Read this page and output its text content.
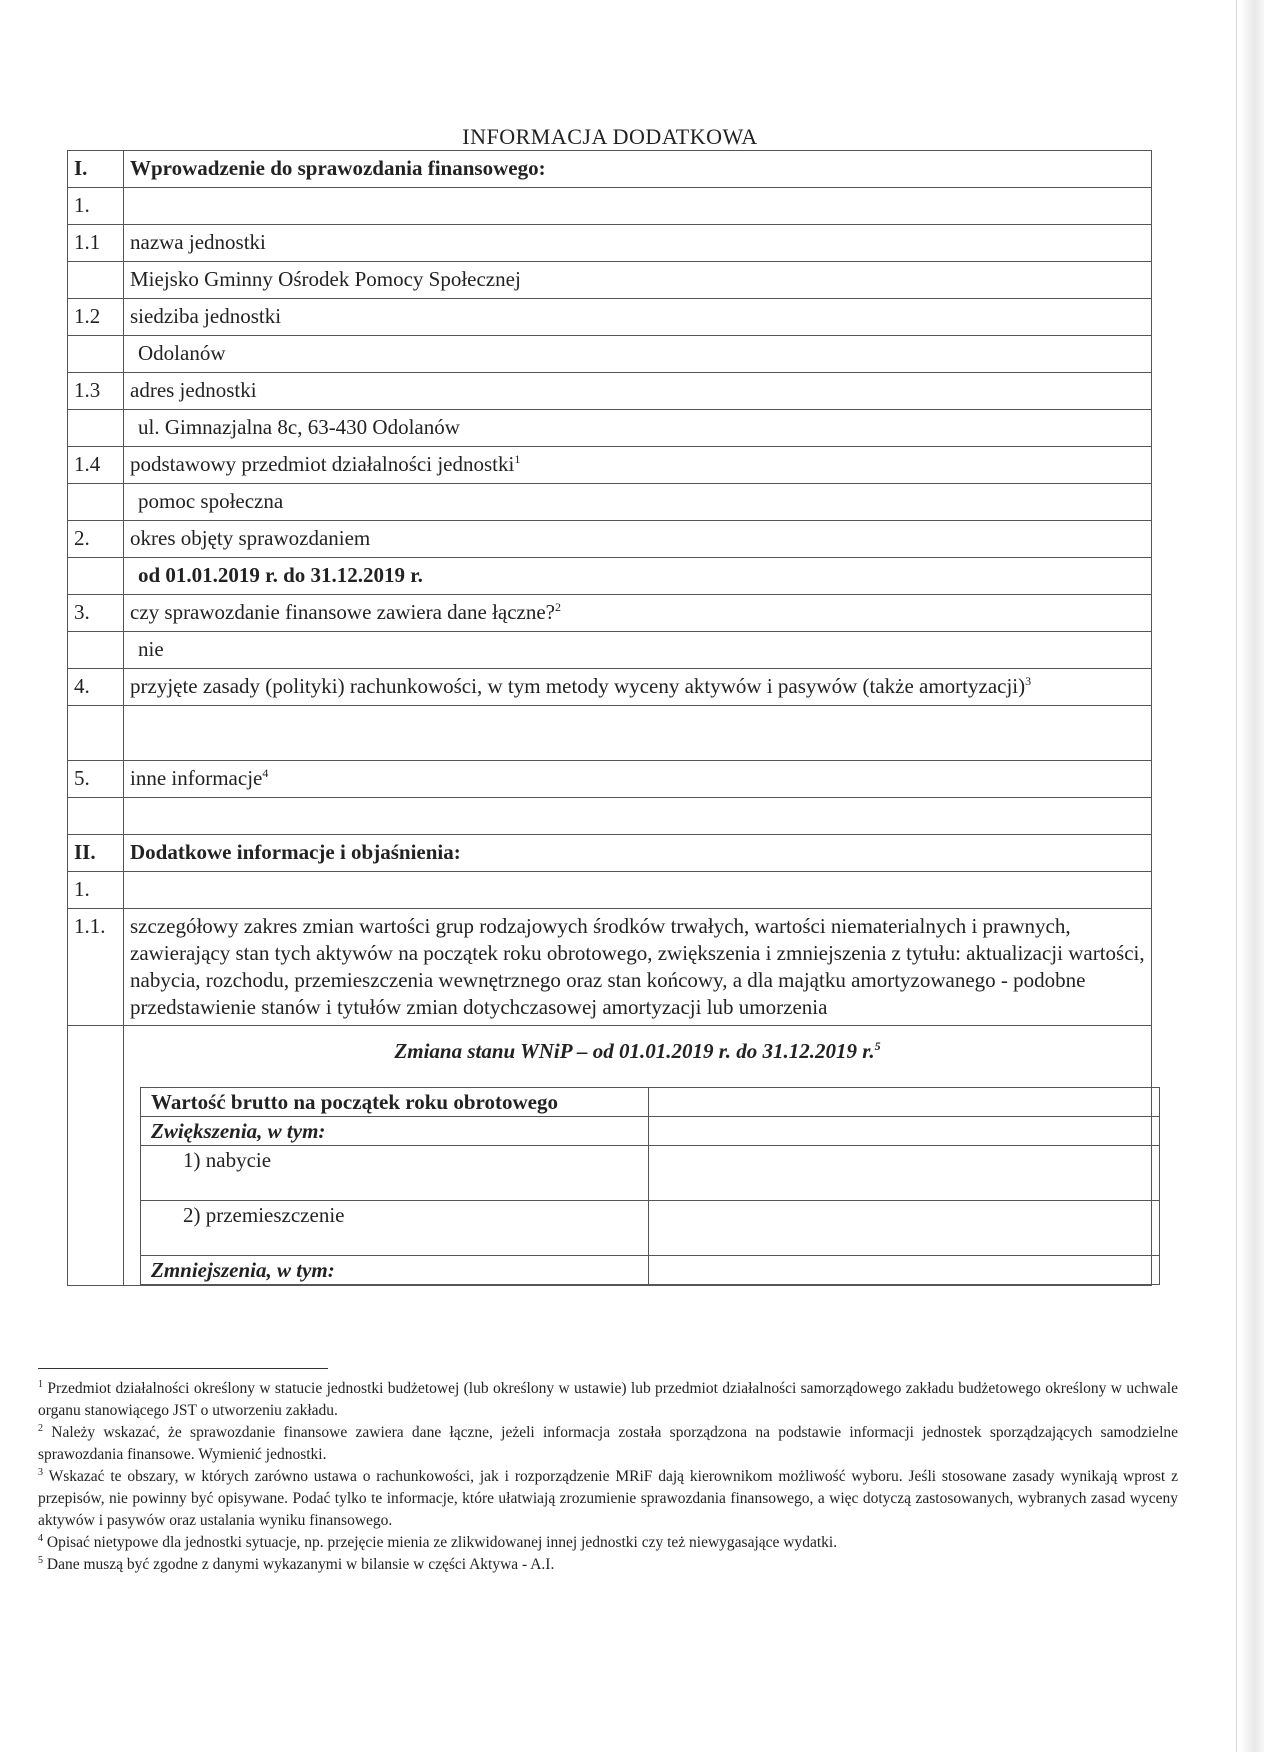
INFORMACJA DODATKOWA
I.	Wprowadzenie do sprawozdania finansowego:
1.	
1.1	nazwa jednostki
	Miejsko Gminny Ośrodek Pomocy Społecznej
1.2	siedziba jednostki
	Odolanów
1.3	adres jednostki
	ul. Gimnazjalna 8c, 63-430 Odolanów
1.4	podstawowy przedmiot działalności jednostki$^1$
	pomoc społeczna
2.	okres objęty sprawozdaniem
	od 01.01.2019 r. do 31.12.2019 r.
3.	czy sprawozdanie finansowe zawiera dane łączne?$^2$
	nie
4.	przyjęte zasady (polityki) rachunkowości, w tym metody wyceny aktywów i pasywów (także amortyzacji)$^3$

5.	inne informacje$^4$

II.	Dodatkowe informacje i objaśnienia:
1.	
1.1.	szczegółowy zakres zmian wartości grup rodzajowych środków trwałych, wartości niematerialnych i prawnych, zawierający stan tych aktywów na początek roku obrotowego, zwiększenia i zmniejszenia z tytułu: aktualizacji wartości, nabycia, rozchodu, przemieszczenia wewnętrznego oraz stan końcowy, a dla majątku amortyzowanego - podobne przedstawienie stanów i tytułów zmian dotychczasowej amortyzacji lub umorzenia

Zmiana stanu WNiP – od 01.01.2019 r. do 31.12.2019 r.$^5$
Wartość brutto na początek roku obrotowego	
Zwiększenia, w tym:	
1) nabycie	
2) przemieszczenie	
Zmniejszenia, w tym:	

$^1$ Przedmiot działalności określony w statucie jednostki budżetowej (lub określony w ustawie) lub przedmiot działalności samorządowego zakładu budżetowego określony w uchwale organu stanowiącego JST o utworzeniu zakładu.

$^2$ Należy wskazać, że sprawozdanie finansowe zawiera dane łączne, jeżeli informacja została sporządzona na podstawie informacji jednostek sporządzających samodzielne sprawozdania finansowe. Wymienić jednostki.

$^3$ Wskazać te obszary, w których zarówno ustawa o rachunkowości, jak i rozporządzenie MRiF dają kierownikom możliwość wyboru. Jeśli stosowane zasady wynikają wprost z przepisów, nie powinny być opisywane. Podać tylko te informacje, które ułatwiają zrozumienie sprawozdania finansowego, a więc dotyczą zastosowanych, wybranych zasad wyceny aktywów i pasywów oraz ustalania wyniku finansowego.

$^4$ Opisać nietypowe dla jednostki sytuacje, np. przejęcie mienia ze zlikwidowanej innej jednostki czy też niewygasające wydatki.

$^5$ Dane muszą być zgodne z danymi wykazanymi w bilansie w części Aktywa - A.I.
